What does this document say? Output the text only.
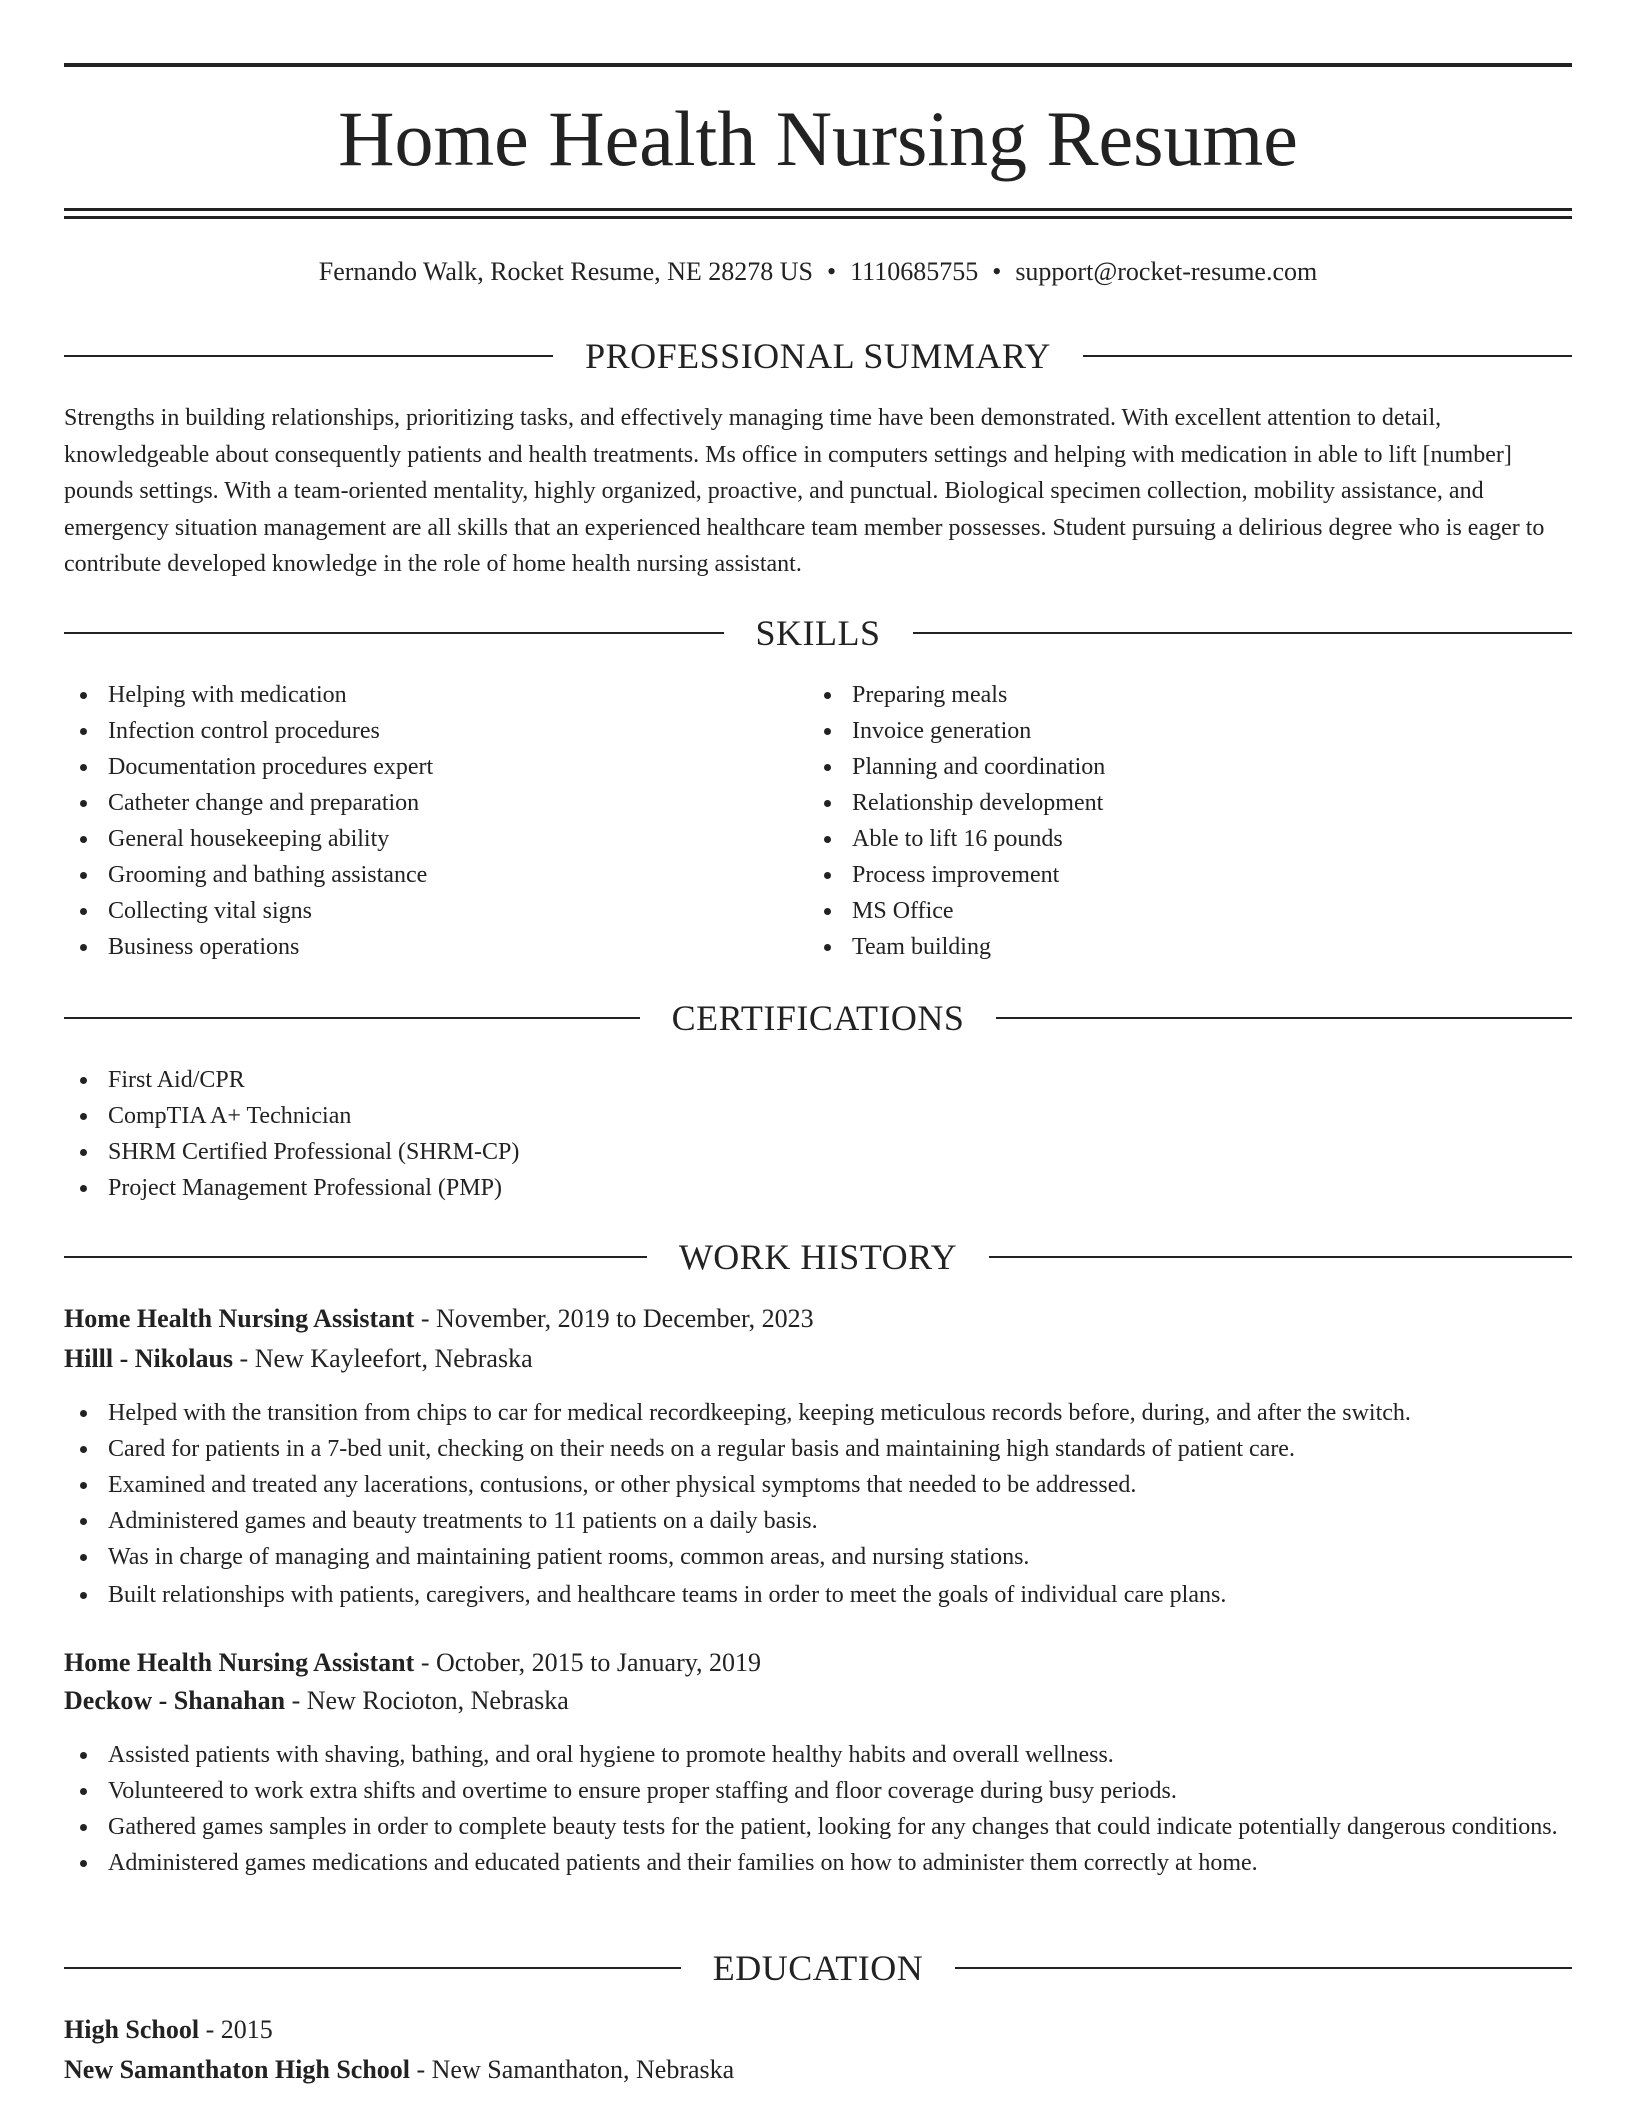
Home Health Nursing Resume
Fernando Walk, Rocket Resume, NE 28278 US • 1110685755 • support@rocket-resume.com
PROFESSIONAL SUMMARY

Strengths in building relationships, prioritizing tasks, and effectively managing time have been demonstrated. With excellent attention to detail, knowledgeable about consequently patients and health treatments. Ms office in computers settings and helping with medication in able to lift [number] pounds settings. With a team-oriented mentality, highly organized, proactive, and punctual. Biological specimen collection, mobility assistance, and emergency situation management are all skills that an experienced healthcare team member possesses. Student pursuing a delirious degree who is eager to contribute developed knowledge in the role of home health nursing assistant.

SKILLS
Helping with medication
Infection control procedures
Documentation procedures expert
Catheter change and preparation
General housekeeping ability
Grooming and bathing assistance
Collecting vital signs
Business operations
Preparing meals
Invoice generation
Planning and coordination
Relationship development
Able to lift 16 pounds
Process improvement
MS Office
Team building
CERTIFICATIONS
First Aid/CPR
CompTIA A+ Technician
SHRM Certified Professional (SHRM-CP)
Project Management Professional (PMP)
WORK HISTORY
Home Health Nursing Assistant - November, 2019 to December, 2023
Hilll - Nikolaus - New Kayleefort, Nebraska
Helped with the transition from chips to car for medical recordkeeping, keeping meticulous records before, during, and after the switch.
Cared for patients in a 7-bed unit, checking on their needs on a regular basis and maintaining high standards of patient care.
Examined and treated any lacerations, contusions, or other physical symptoms that needed to be addressed.
Administered games and beauty treatments to 11 patients on a daily basis.
Was in charge of managing and maintaining patient rooms, common areas, and nursing stations.
Built relationships with patients, caregivers, and healthcare teams in order to meet the goals of individual care plans.
Home Health Nursing Assistant - October, 2015 to January, 2019
Deckow - Shanahan - New Rocioton, Nebraska
Assisted patients with shaving, bathing, and oral hygiene to promote healthy habits and overall wellness.
Volunteered to work extra shifts and overtime to ensure proper staffing and floor coverage during busy periods.
Gathered games samples in order to complete beauty tests for the patient, looking for any changes that could indicate potentially dangerous conditions.
Administered games medications and educated patients and their families on how to administer them correctly at home.
EDUCATION
High School - 2015
New Samanthaton High School - New Samanthaton, Nebraska
